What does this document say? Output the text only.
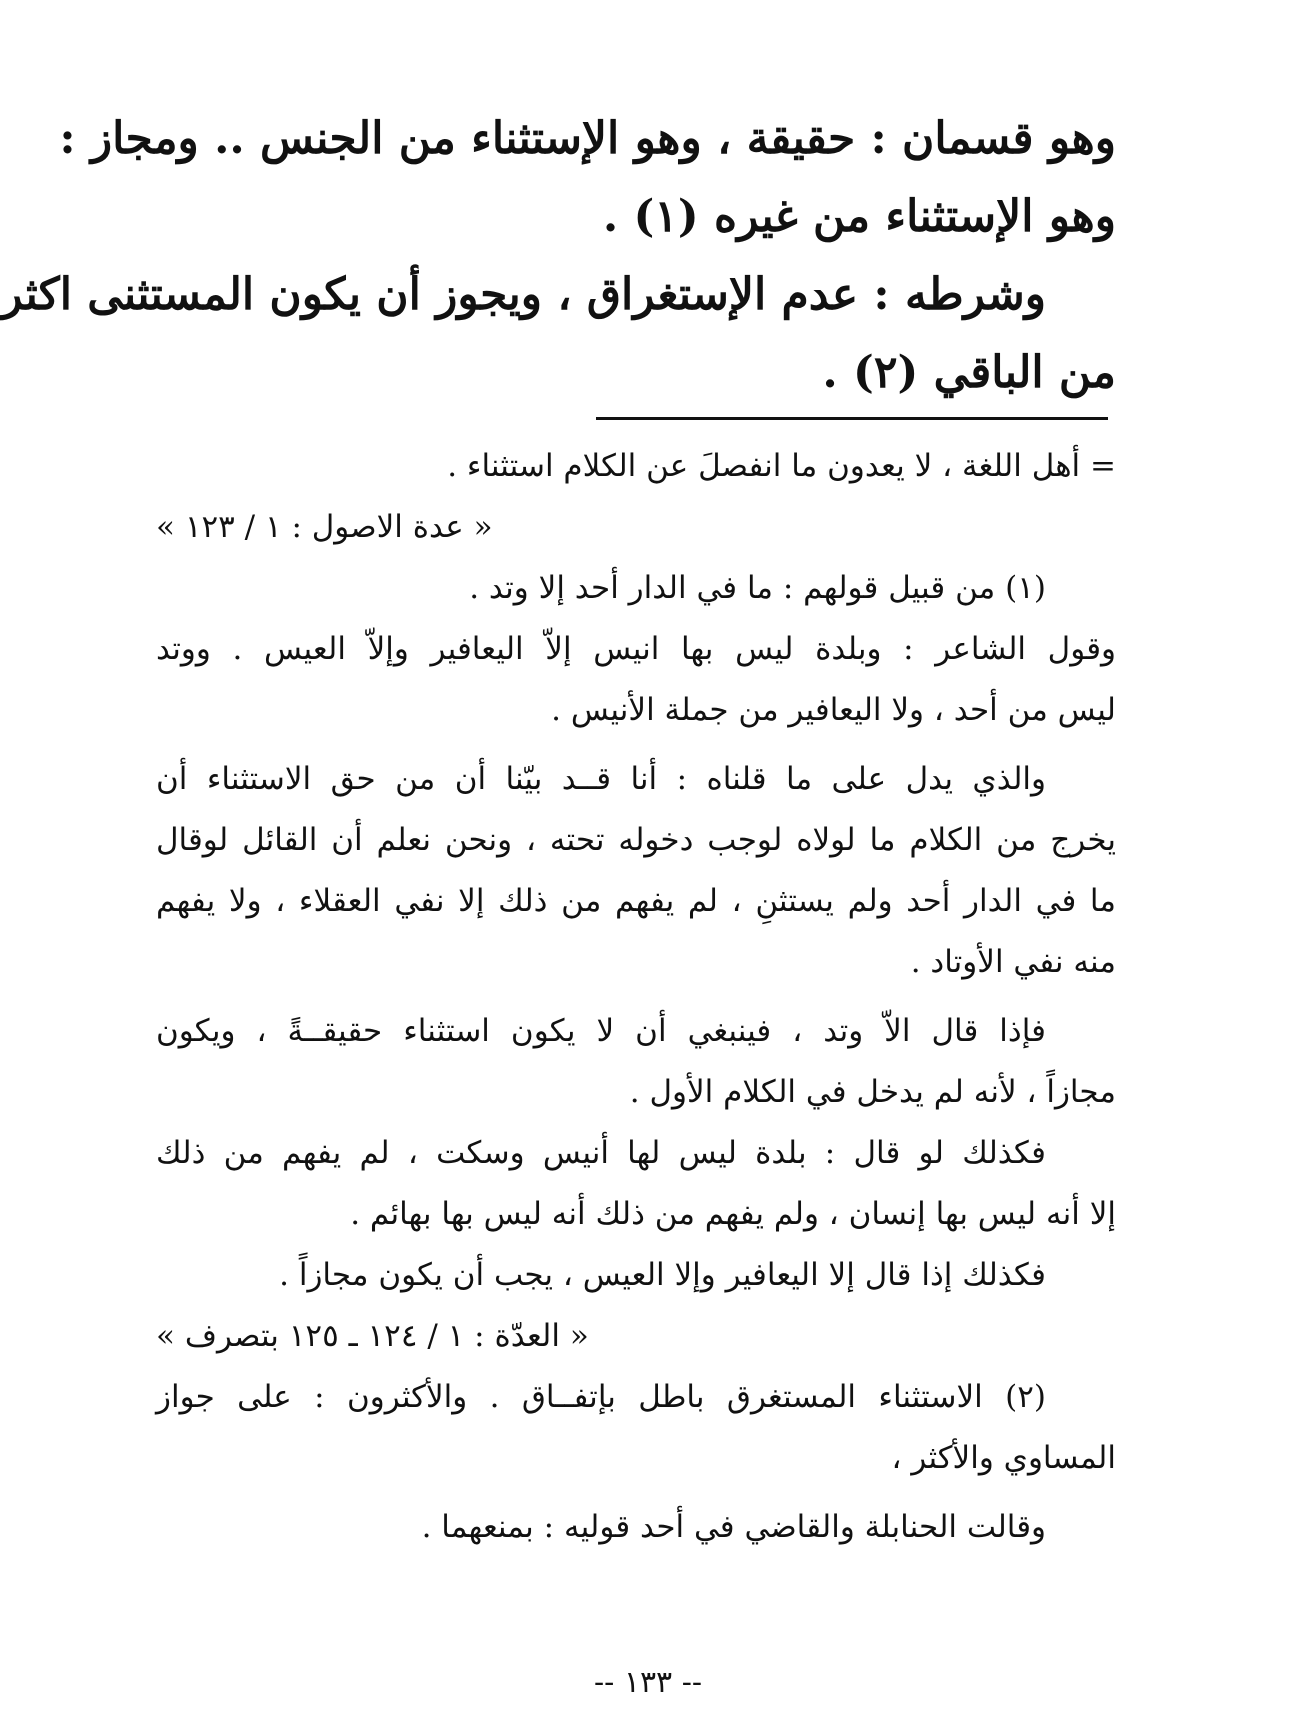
وهو قسمان : حقيقة ، وهو الإستثناء من الجنس .. ومجاز :
وهو الإستثناء من غيره (١) .
وشرطه : عدم الإستغراق ، ويجوز أن يكون المستثنى اكثر
من الباقي (٢) .
= أهل اللغة ، لا يعدون ما انفصلَ عن الكلام استثناء .
« عدة الاصول : ١ / ١٢٣ »
(١) من قبيل قولهم : ما في الدار أحد إلا وتد .
وقول الشاعر : وبلدة ليس بها انيس إلاّ اليعافير وإلاّ العيس . ووتد
ليس من أحد ، ولا اليعافير من جملة الأنيس .
والذي يدل على ما قلناه : أنا قــد بيّنا أن من حق الاستثناء أن
يخرج من الكلام ما لولاه لوجب دخوله تحته ، ونحن نعلم أن القائل لوقال
ما في الدار أحد ولم يستثنِ ، لم يفهم من ذلك إلا نفي العقلاء ، ولا يفهم
منه نفي الأوتاد .
فإذا قال الاّ وتد ، فينبغي أن لا يكون استثناء حقيقــةً ، ويكون
مجازاً ، لأنه لم يدخل في الكلام الأول .
فكذلك لو قال : بلدة ليس لها أنيس وسكت ، لم يفهم من ذلك
إلا أنه ليس بها إنسان ، ولم يفهم من ذلك أنه ليس بها بهائم .
فكذلك إذا قال إلا اليعافير وإلا العيس ، يجب أن يكون مجازاً .
« العدّة : ١ / ١٢٤ ـ ١٢٥ بتصرف »
(٢) الاستثناء المستغرق باطل بإتفــاق . والأكثرون : على جواز
المساوي والأكثر ،
وقالت الحنابلة والقاضي في أحد قوليه : بمنعهما .
-- ١٣٣ --
